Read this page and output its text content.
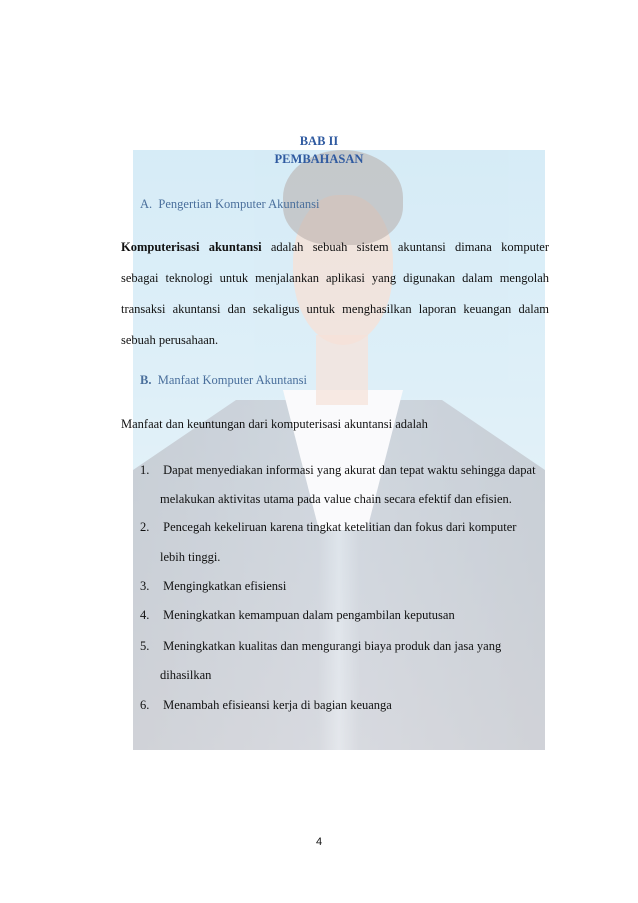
BAB II
PEMBAHASAN
A. Pengertian Komputer Akuntansi
Komputerisasi akuntansi adalah sebuah sistem akuntansi dimana komputer
sebagai teknologi untuk menjalankan aplikasi yang digunakan dalam mengolah
transaksi akuntansi dan sekaligus untuk menghasilkan laporan keuangan dalam
sebuah perusahaan.
B. Manfaat Komputer Akuntansi
Manfaat dan keuntungan dari komputerisasi akuntansi adalah
1. Dapat menyediakan informasi yang akurat dan tepat waktu sehingga dapat
melakukan aktivitas utama pada value chain secara efektif dan efisien.
2. Pencegah kekeliruan karena tingkat ketelitian dan fokus dari komputer
lebih tinggi.
3. Mengingkatkan efisiensi
4. Meningkatkan kemampuan dalam pengambilan keputusan
5. Meningkatkan kualitas dan mengurangi biaya produk dan jasa yang
dihasilkan
6. Menambah efisieansi kerja di bagian keuanga
4
